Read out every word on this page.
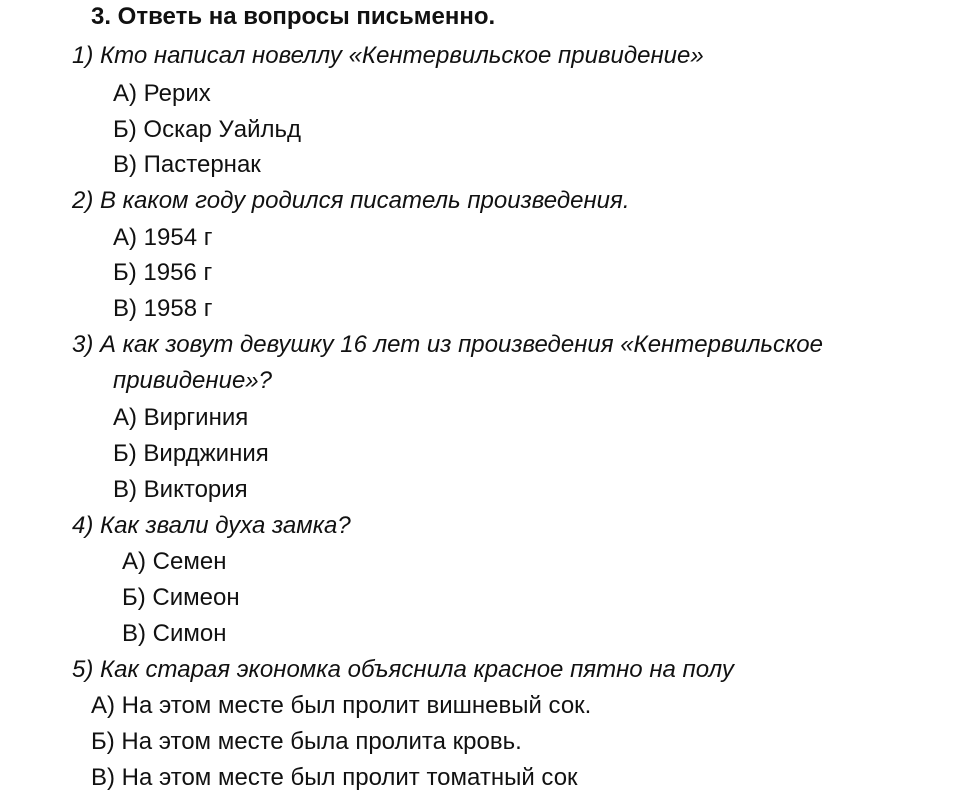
3. Ответь на вопросы письменно.
1) Кто написал новеллу «Кентервильское привидение»
А) Рерих
Б) Оскар Уайльд
В) Пастернак
2) В каком году родился писатель произведения.
А) 1954 г
Б) 1956 г
В) 1958 г
3) А как зовут девушку 16 лет из произведения «Кентервильское
привидение»?
А) Виргиния
Б) Вирджиния
В) Виктория
4) Как звали духа замка?
А) Семен
Б) Симеон
В) Симон
5) Как старая экономка объяснила красное пятно на полу
А) На этом месте был пролит вишневый сок.
Б) На этом месте была пролита кровь.
В) На этом месте был пролит томатный сок
